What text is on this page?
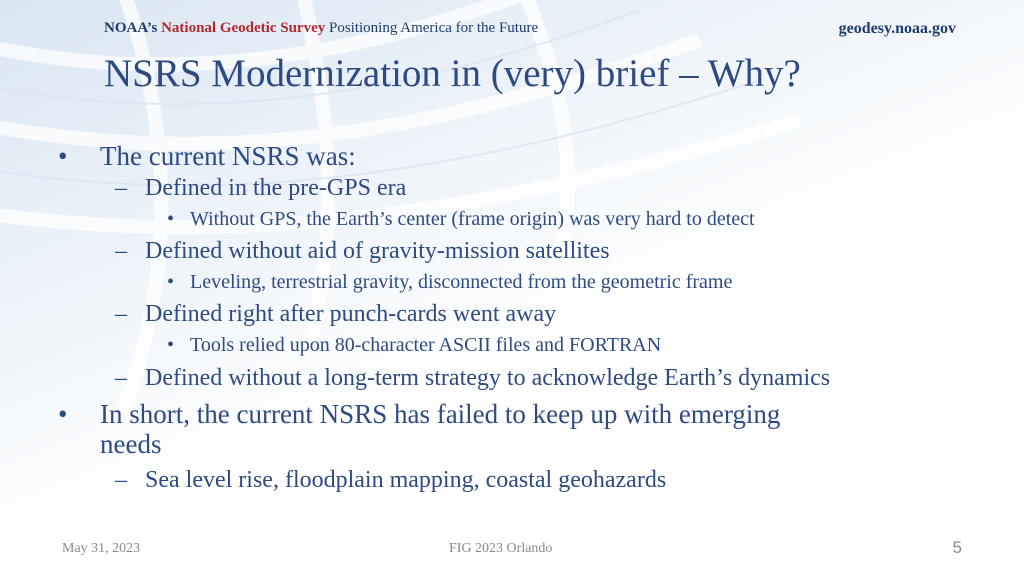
NOAA’s National Geodetic Survey Positioning America for the Future	geodesy.noaa.gov
NSRS Modernization in (very) brief – Why?
• The current NSRS was:
– Defined in the pre-GPS era
• Without GPS, the Earth’s center (frame origin) was very hard to detect
– Defined without aid of gravity-mission satellites
• Leveling, terrestrial gravity, disconnected from the geometric frame
– Defined right after punch-cards went away
• Tools relied upon 80-character ASCII files and FORTRAN
– Defined without a long-term strategy to acknowledge Earth’s dynamics
• In short, the current NSRS has failed to keep up with emerging
needs
– Sea level rise, floodplain mapping, coastal geohazards
May 31, 2023	FIG 2023 Orlando	5
